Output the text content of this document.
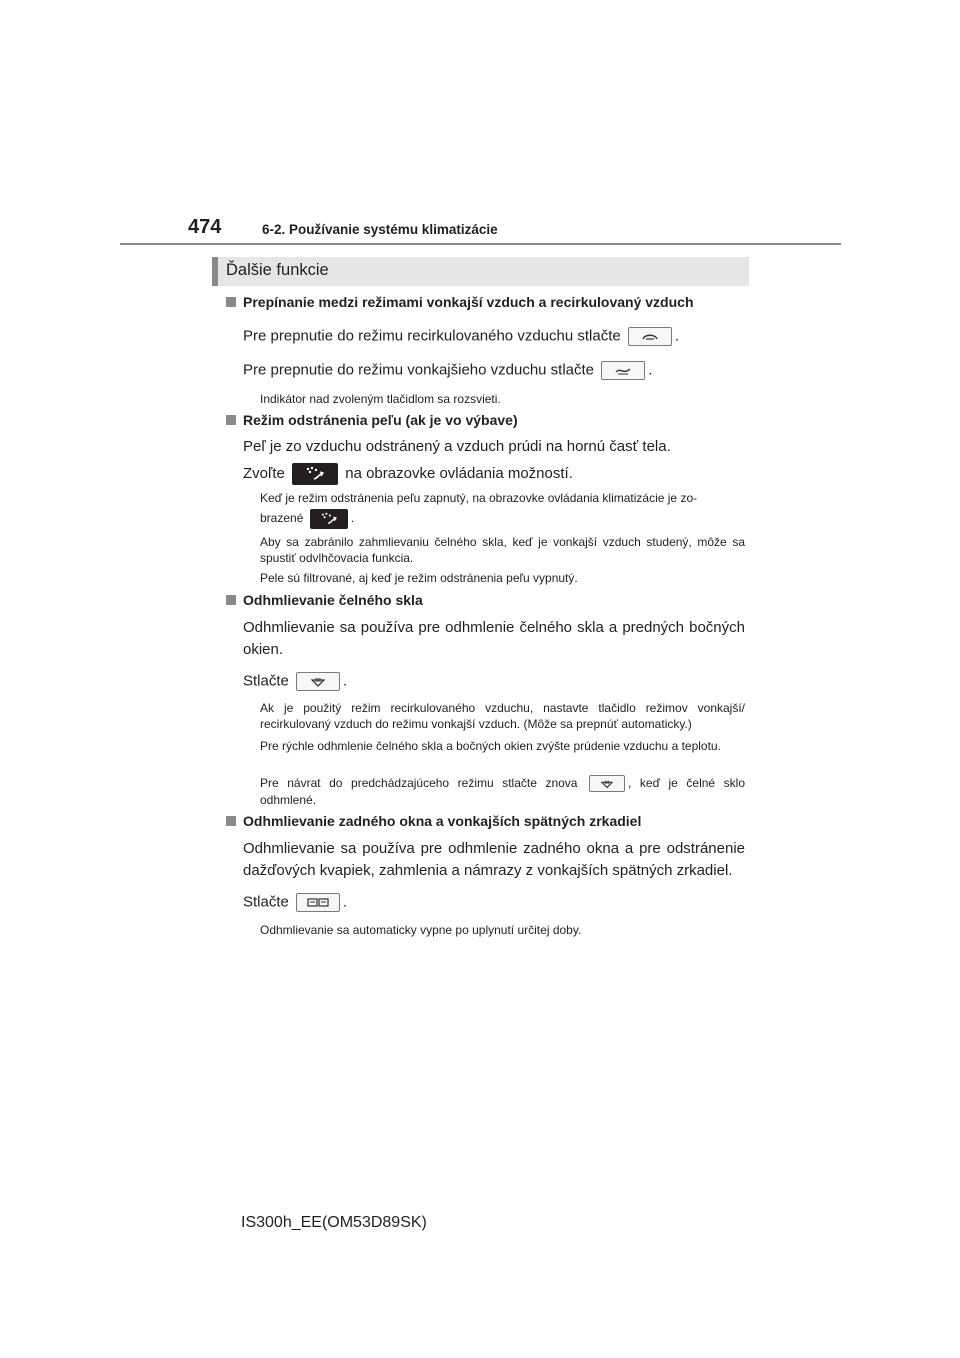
474	6-2. Používanie systému klimatizácie
Ďalšie funkcie
Prepínanie medzi režimami vonkajší vzduch a recirkulovaný vzduch
Pre prepnutie do režimu recirkulovaného vzduchu stlačte	.
Pre prepnutie do režimu vonkajšieho vzduchu stlačte	.
Indikátor nad zvoleným tlačidlom sa rozsvieti.
Režim odstránenia peľu (ak je vo výbave)
Peľ je zo vzduchu odstránený a vzduch prúdi na hornú časť tela.
Zvoľte	na obrazovke ovládania možností.
Keď je režim odstránenia peľu zapnutý, na obrazovke ovládania klimatizácie je zo-
brazené	.
Aby sa zabránilo zahmlievaniu čelného skla, keď je vonkajší vzduch studený, môže sa spustiť odvlhčovacia funkcia.
Pele sú filtrované, aj keď je režim odstránenia peľu vypnutý.
Odhmlievanie čelného skla
Odhmlievanie sa používa pre odhmlenie čelného skla a predných bočných okien.
Stlačte	.
Ak je použitý režim recirkulovaného vzduchu, nastavte tlačidlo režimov vonkajší/ recirkulovaný vzduch do režimu vonkajší vzduch. (Môže sa prepnúť automaticky.)
Pre rýchle odhmlenie čelného skla a bočných okien zvýšte prúdenie vzduchu a teplotu.
Pre návrat do predchádzajúceho režimu stlačte znova	, keď je čelné sklo odhmlené.
Odhmlievanie zadného okna a vonkajších spätných zrkadiel
Odhmlievanie sa používa pre odhmlenie zadného okna a pre odstránenie dažďových kvapiek, zahmlenia a námrazy z vonkajších spätných zrkadiel.
Stlačte	.
Odhmlievanie sa automaticky vypne po uplynutí určitej doby.
IS300h_EE(OM53D89SK)
